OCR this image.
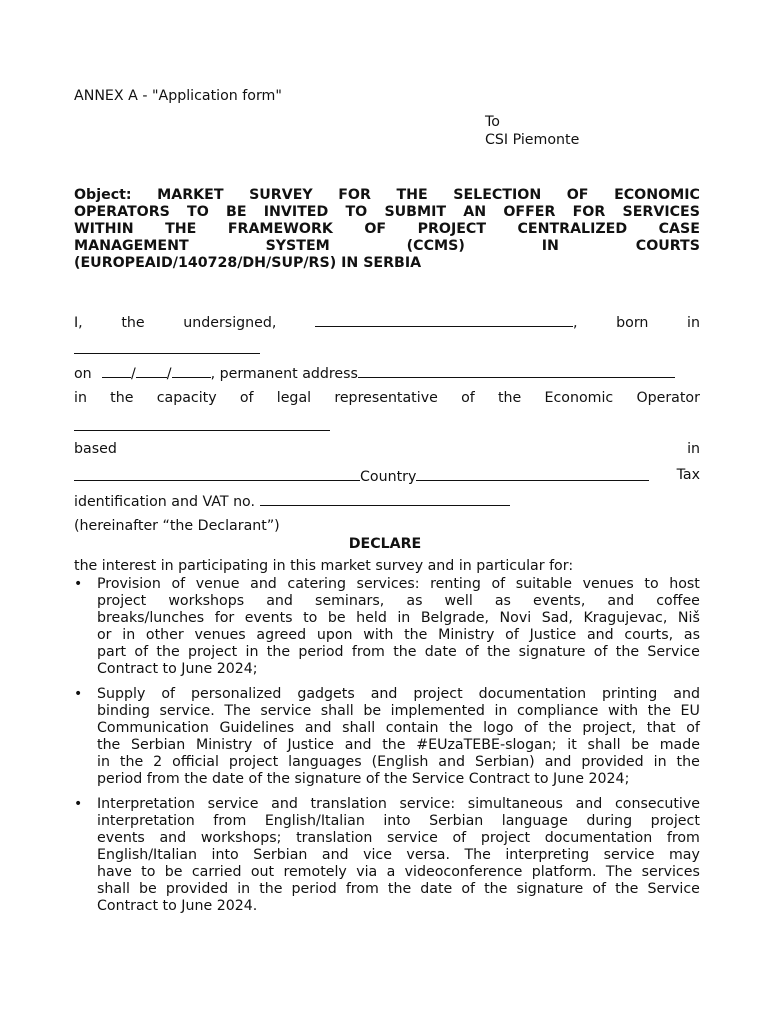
ANNEX A - "Application form"
To
CSI Piemonte
Object: MARKET SURVEY FOR THE SELECTION OF ECONOMIC
OPERATORS TO BE INVITED TO SUBMIT AN OFFER FOR SERVICES
WITHIN THE FRAMEWORK OF PROJECT CENTRALIZED CASE
MANAGEMENT	SYSTEM	(CCMS)	IN	COURTS
(EUROPEAID/140728/DH/SUP/RS) IN SERBIA
I,	the	undersigned,	,	born	in
on	/ /	, permanent address
in the capacity of legal representative of the Economic Operator
based	in
Country	Tax
identification and VAT no.
(hereinafter “the Declarant”)
DECLARE
the interest in participating in this market survey and in particular for:
• Provision of venue and catering services: renting of suitable venues to host
project workshops and seminars, as well as events, and coffee
breaks/lunches for events to be held in Belgrade, Novi Sad, Kragujevac, Niš
or in other venues agreed upon with the Ministry of Justice and courts, as
part of the project in the period from the date of the signature of the Service
Contract to June 2024;
• Supply of personalized gadgets and project documentation printing and
binding service. The service shall be implemented in compliance with the EU
Communication Guidelines and shall contain the logo of the project, that of
the Serbian Ministry of Justice and the #EUzaTEBE-slogan; it shall be made
in the 2 official project languages (English and Serbian) and provided in the
period from the date of the signature of the Service Contract to June 2024;
• Interpretation service and translation service: simultaneous and consecutive
interpretation from English/Italian into Serbian language during project
events and workshops; translation service of project documentation from
English/Italian into Serbian and vice versa. The interpreting service may
have to be carried out remotely via a videoconference platform. The services
shall be provided in the period from the date of the signature of the Service
Contract to June 2024.
